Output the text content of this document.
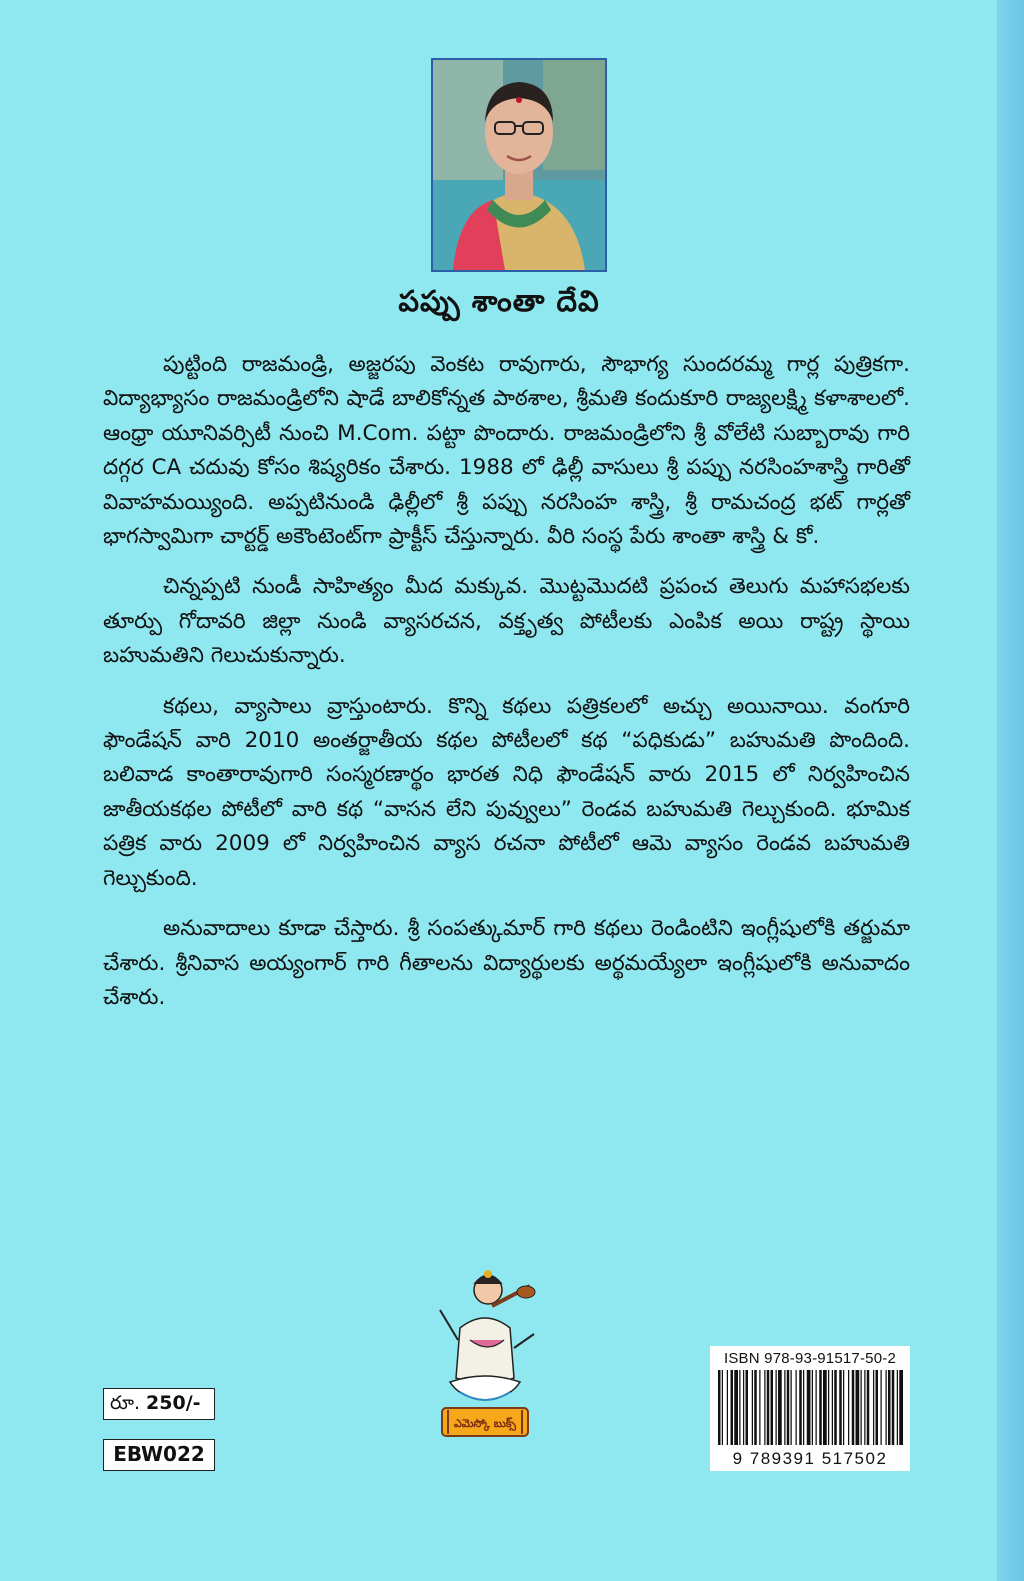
పప్పు శాంతా దేవి

పుట్టింది రాజమండ్రి, అజ్జరపు వెంకట రావుగారు, సౌభాగ్య సుందరమ్మ గార్ల పుత్రికగా. విద్యాభ్యాసం రాజమండ్రిలోని షాడే బాలికోన్నత పాఠశాల, శ్రీమతి కందుకూరి రాజ్యలక్ష్మి కళాశాలలో. ఆంధ్రా యూనివర్సిటీ నుంచి M.Com. పట్టా పొందారు. రాజమండ్రిలోని శ్రీ వోలేటి సుబ్బారావు గారి దగ్గర CA చదువు కోసం శిష్యరికం చేశారు. 1988 లో ఢిల్లీ వాసులు శ్రీ పప్పు నరసింహశాస్త్రి గారితో వివాహమయ్యింది. అప్పటినుండి ఢిల్లీలో శ్రీ పప్పు నరసింహ శాస్త్రి, శ్రీ రామచంద్ర భట్ గార్లతో భాగస్వామిగా చార్టర్డ్ అకౌంటెంట్‌గా ప్రాక్టీస్ చేస్తున్నారు. వీరి సంస్థ పేరు శాంతా శాస్త్రి & కో.

చిన్నప్పటి నుండీ సాహిత్యం మీద మక్కువ. మొట్టమొదటి ప్రపంచ తెలుగు మహాసభలకు తూర్పు గోదావరి జిల్లా నుండి వ్యాసరచన, వక్తృత్వ పోటీలకు ఎంపిక అయి రాష్ట్ర స్థాయి బహుమతిని గెలుచుకున్నారు.

కథలు, వ్యాసాలు వ్రాస్తుంటారు. కొన్ని కథలు పత్రికలలో అచ్చు అయినాయి. వంగూరి ఫౌండేషన్ వారి 2010 అంతర్జాతీయ కథల పోటీలలో కథ “పధికుడు” బహుమతి పొందింది. బలివాడ కాంతారావుగారి సంస్మరణార్థం భారత నిధి ఫౌండేషన్ వారు 2015 లో నిర్వహించిన జాతీయకథల పోటీలో వారి కథ “వాసన లేని పువ్వులు” రెండవ బహుమతి గెల్చుకుంది. భూమిక పత్రిక వారు 2009 లో నిర్వహించిన వ్యాస రచనా పోటీలో ఆమె వ్యాసం రెండవ బహుమతి గెల్చుకుంది.

అనువాదాలు కూడా చేస్తారు. శ్రీ సంపత్కుమార్ గారి కథలు రెండింటిని ఇంగ్లీషులోకి తర్జుమా చేశారు. శ్రీనివాస అయ్యంగార్ గారి గీతాలను విద్యార్థులకు అర్థమయ్యేలా ఇంగ్లీషులోకి అనువాదం చేశారు.

ఎమెస్కో బుక్స్
రూ. 250/-
EBW022
ISBN 978-93-91517-50-2
9 789391 517502
